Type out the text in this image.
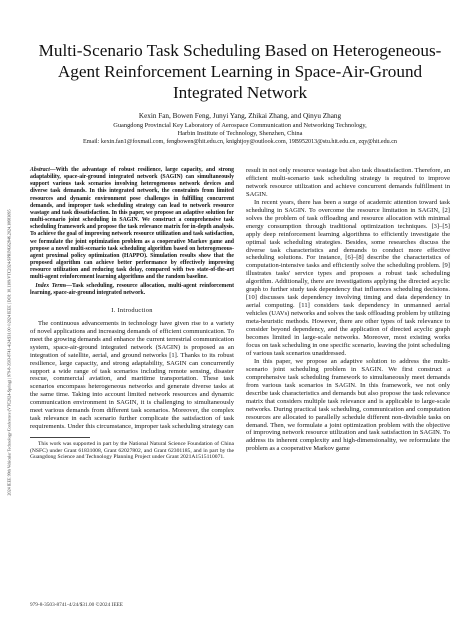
2024 IEEE 99th Vehicular Technology Conference (VTC2024-Spring) | 979-8-3503-8741-4/24/$31.00 ©2024 IEEE | DOI: 10.1109/VTC2024-SPRING62846.2024.10683095
Multi-Scenario Task Scheduling Based on Heterogeneous-Agent Reinforcement Learning in Space-Air-Ground Integrated Network
Kexin Fan, Bowen Feng, Junyi Yang, Zhikai Zhang, and Qinyu Zhang
Guangdong Provincial Key Laboratory of Aerospace Communication and Networking Technology,
Harbin Institute of Technology, Shenzhen, China
Email: kexin.fan1@foxmail.com, fengbowen@hit.edu.cn, knightjoy@outlook.com, 19B952013@stu.hit.edu.cn, zqy@hit.edu.cn
Abstract—With the advantage of robust resilience, large capacity, and strong adaptability, space-air-ground integrated network (SAGIN) can simultaneously support various task scenarios involving heterogeneous network devices and diverse task demands. In this integrated network, the constraints from limited resources and dynamic environment pose challenges in fulfilling concurrent demands, and improper task scheduling strategy can lead to network resource wastage and task dissatisfaction. In this paper, we propose an adaptive solution for multi-scenario joint scheduling in SAGIN. We construct a comprehensive task scheduling framework and propose the task relevance matrix for in-depth analysis. To achieve the goal of improving network resource utilization and task satisfaction, we formulate the joint optimization problem as a cooperative Markov game and propose a novel multi-scenario task scheduling algorithm based on heterogeneous-agent proximal policy optimization (HAPPO). Simulation results show that the proposed algorithm can achieve better performance by effectively improving resource utilization and reducing task delay, compared with two state-of-the-art multi-agent reinforcement learning algorithms and the random baseline.
Index Terms—Task scheduling, resource allocation, multi-agent reinforcement learning, space-air-ground integrated network.
I. Introduction

The continuous advancements in technology have given rise to a variety of novel applications and increasing demands of efficient communication. To meet the growing demands and enhance the current terrestrial communication system, space-air-ground integrated network (SAGIN) is proposed as an integration of satellite, aerial, and ground networks [1]. Thanks to its robust resilience, large capacity, and strong adaptability, SAGIN can concurrently support a wide range of task scenarios including remote sensing, disaster rescue, commercial aviation, and maritime transportation. These task scenarios encompass heterogeneous networks and generate diverse tasks at the same time. Taking into account limited network resources and dynamic communication environment in SAGIN, it is challenging to simultaneously meet various demands from different task scenarios. Moreover, the complex task relevance in each scenario further complicate the satisfaction of task requirements. Under this circumstance, improper task scheduling strategy can

This work was supported in part by the National Natural Science Foundation of China (NSFC) under Grant 61831008, Grant 62027802, and Grant 62301185, and in part by the Guangdong Science and Technology Planning Project under Grant 2021A1515110071.

result in not only resource wastage but also task dissatisfaction. Therefore, an efficient multi-scenario task scheduling strategy is required to improve network resource utilization and achieve concurrent demands fulfillment in SAGIN.

In recent years, there has been a surge of academic attention toward task scheduling in SAGIN. To overcome the resource limitation in SAGIN, [2] solves the problem of task offloading and resource allocation with minimal energy consumption through traditional optimization techniques. [3]–[5] apply deep reinforcement learning algorithms to efficiently investigate the optimal task scheduling strategies. Besides, some researches discuss the diverse task characteristics and demands to conduct more effective scheduling solutions. For instance, [6]–[8] describe the characteristics of computation-intensive tasks and efficiently solve the scheduling problem. [9] illustrates tasks' service types and proposes a robust task scheduling algorithm. Additionally, there are investigations applying the directed acyclic graph to further study task dependency that influences scheduling decisions. [10] discusses task dependency involving timing and data dependency in aerial computing. [11] considers task dependency in unmanned aerial vehicles (UAVs) networks and solves the task offloading problem by utilizing meta-heuristic methods. However, there are other types of task relevance to consider beyond dependency, and the application of directed acyclic graph becomes limited in large-scale networks. Moreover, most existing works focus on task scheduling in one specific scenario, leaving the joint scheduling of various task scenarios unaddressed.

In this paper, we propose an adaptive solution to address the multi-scenario joint scheduling problem in SAGIN. We first construct a comprehensive task scheduling framework to simultaneously meet demands from various task scenarios in SAGIN. In this framework, we not only describe task characteristics and demands but also propose the task relevance matrix that considers multiple task relevance and is applicable to large-scale networks. During practical task scheduling, communication and computation resources are allocated to parallelly schedule different non-divisible tasks on demand. Then, we formulate a joint optimization problem with the objective of improving network resource utilization and task satisfaction in SAGIN. To address its inherent complexity and high-dimensionality, we reformulate the problem as a cooperative Markov game

979-8-3503-8741-4/24/$31.00 ©2024 IEEE
